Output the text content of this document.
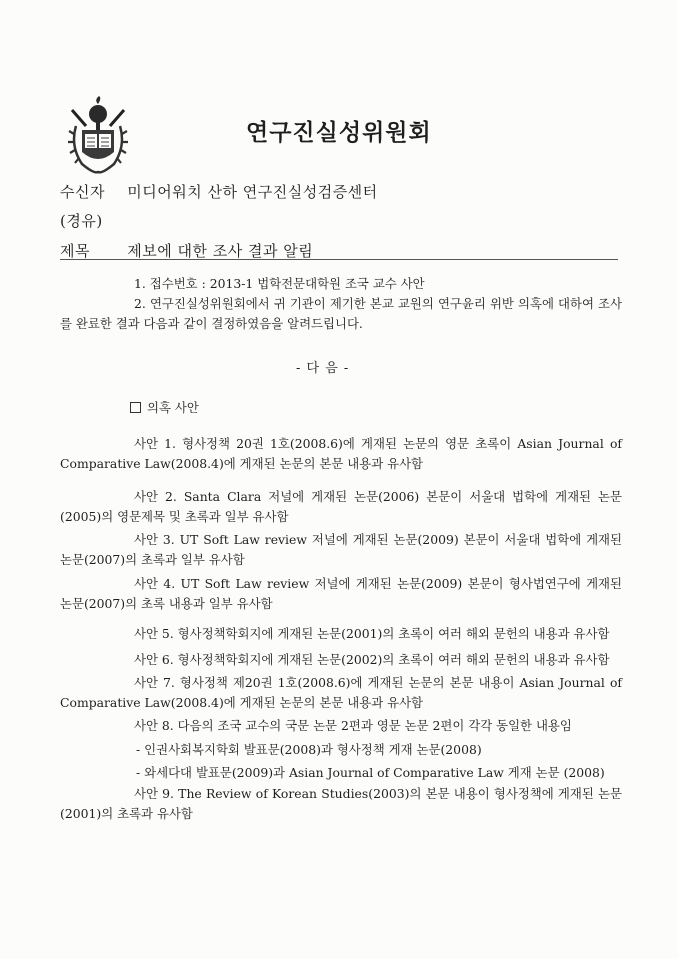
연구진실성위원회
수신자 미디어워치 산하 연구진실성검증센터
(경유)
제목 제보에 대한 조사 결과 알림
1. 접수번호 : 2013-1 법학전문대학원 조국 교수 사안
2. 연구진실성위원회에서 귀 기관이 제기한 본교 교원의 연구윤리 위반 의혹에 대하여 조사를 완료한 결과 다음과 같이 결정하였음을 알려드립니다.
- 다 음 -
의혹 사안
사안 1. 형사정책 20권 1호(2008.6)에 게재된 논문의 영문 초록이 Asian Journal of Comparative Law(2008.4)에 게재된 논문의 본문 내용과 유사함
사안 2. Santa Clara 저널에 게재된 논문(2006) 본문이 서울대 법학에 게재된 논문(2005)의 영문제목 및 초록과 일부 유사함
사안 3. UT Soft Law review 저널에 게재된 논문(2009) 본문이 서울대 법학에 게재된 논문(2007)의 초록과 일부 유사함
사안 4. UT Soft Law review 저널에 게재된 논문(2009) 본문이 형사법연구에 게재된 논문(2007)의 초록 내용과 일부 유사함
사안 5. 형사정책학회지에 게재된 논문(2001)의 초록이 여러 해외 문헌의 내용과 유사함
사안 6. 형사정책학회지에 게재된 논문(2002)의 초록이 여러 해외 문헌의 내용과 유사함
사안 7. 형사정책 제20권 1호(2008.6)에 게재된 논문의 본문 내용이 Asian Journal of Comparative Law(2008.4)에 게재된 논문의 본문 내용과 유사함
사안 8. 다음의 조국 교수의 국문 논문 2편과 영문 논문 2편이 각각 동일한 내용임
- 인권사회복지학회 발표문(2008)과 형사정책 게재 논문(2008)
- 와세다대 발표문(2009)과 Asian Journal of Comparative Law 게재 논문 (2008)
사안 9. The Review of Korean Studies(2003)의 본문 내용이 형사정책에 게재된 논문(2001)의 초록과 유사함
